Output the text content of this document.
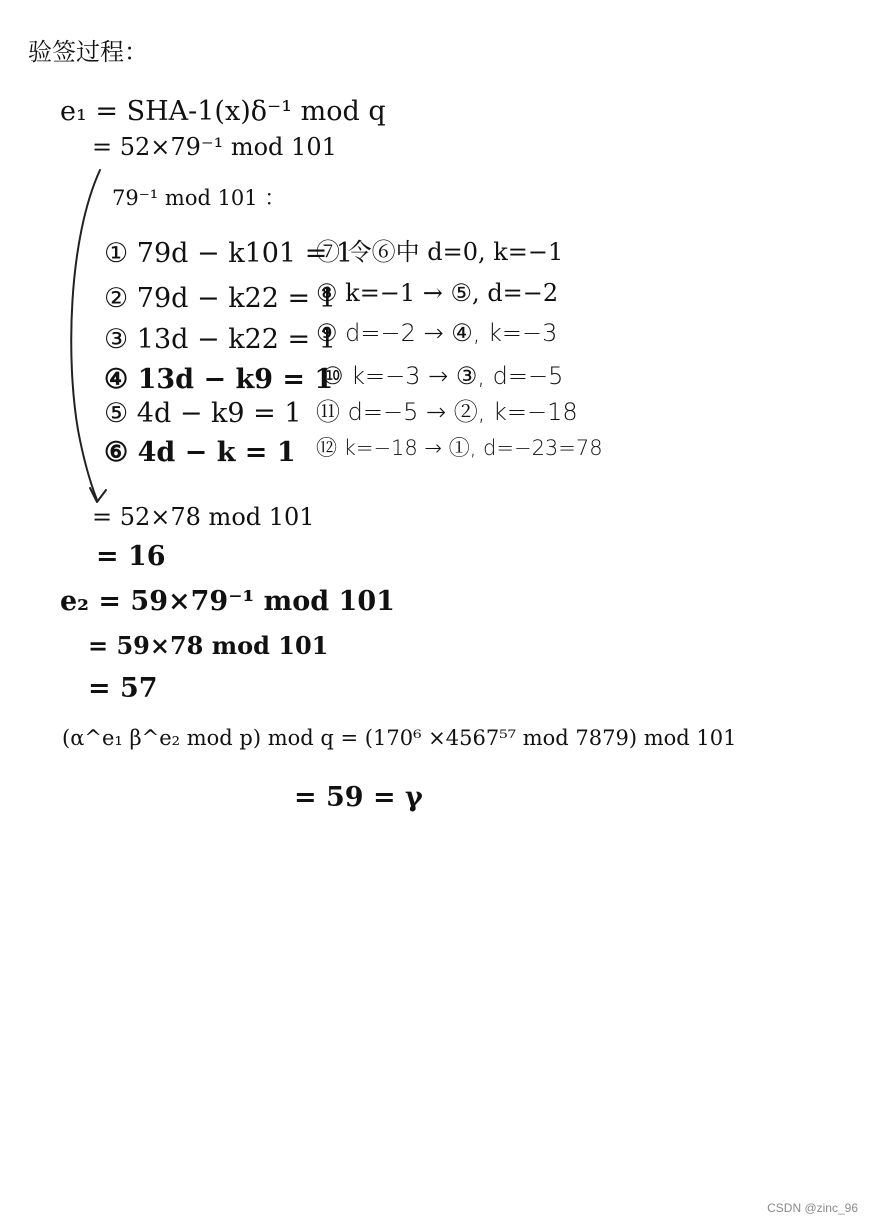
验签过程：
e₁ = SHA-1(x)δ⁻¹ mod q
= 52×79⁻¹ mod 101
79⁻¹ mod 101 ：
① 79d − k101 = 1
② 79d − k22 = 1
③ 13d − k22 = 1
④ 13d − k9 = 1
⑤ 4d − k9 = 1
⑥ 4d − k = 1
⑦ 令⑥中 d=0, k=−1
⑧ k=−1 → ⑤, d=−2
⑨ d=−2 → ④, k=−3
⑩ k=−3 → ③, d=−5
⑪ d=−5 → ②, k=−18
⑫ k=−18 → ①, d=−23=78
= 52×78 mod 101
= 16
e₂ = 59×79⁻¹ mod 101
= 59×78 mod 101
= 57
(α^e₁ β^e₂ mod p) mod q = (170⁶ ×4567⁵⁷ mod 7879) mod 101
= 59 = γ
CSDN @zinc_96
